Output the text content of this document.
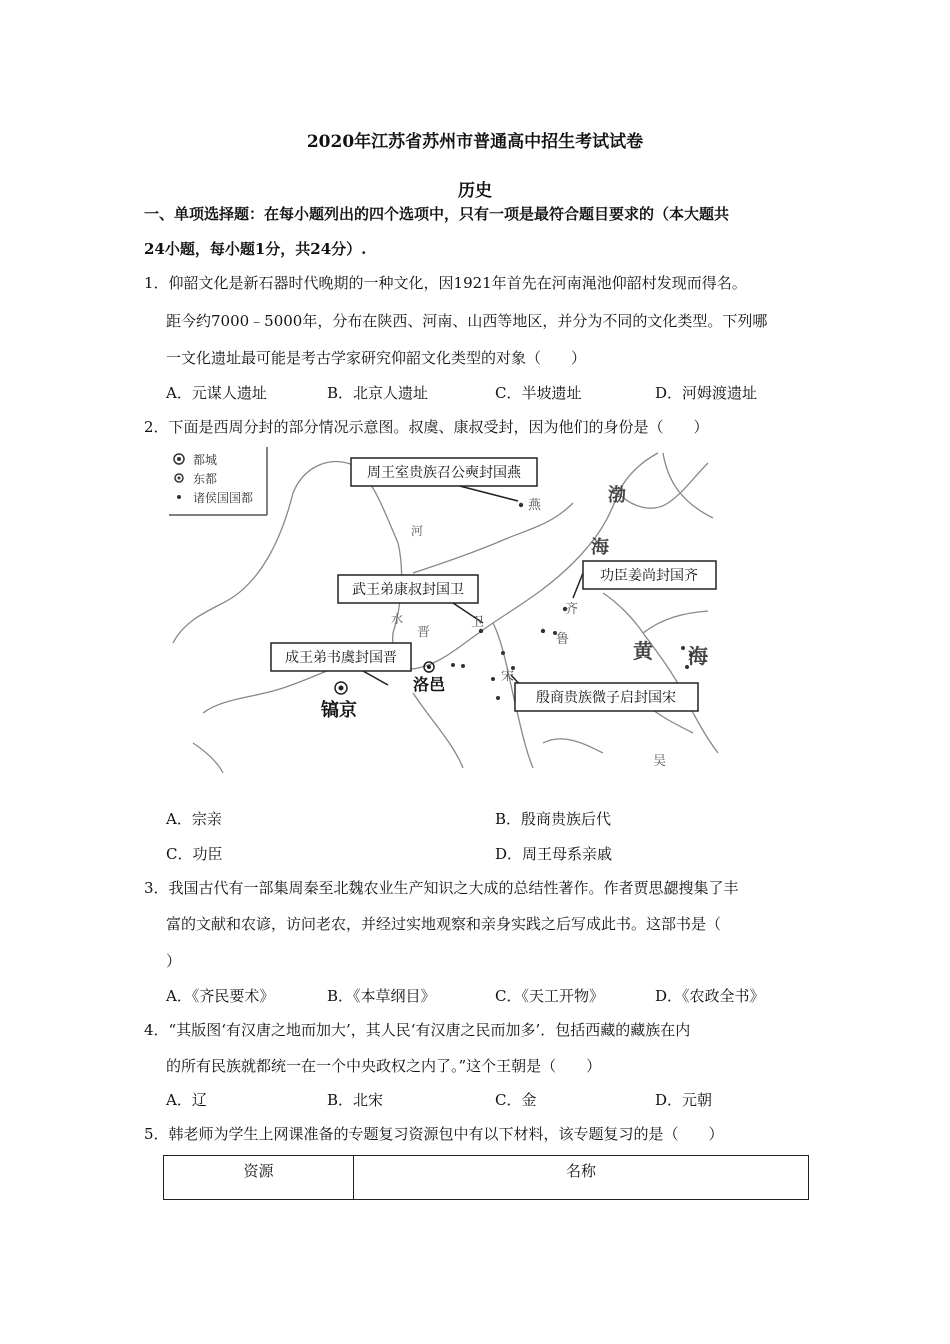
2020年江苏省苏州市普通高中招生考试试卷
历史
一、单项选择题：在每小题列出的四个选项中，只有一项是最符合题目要求的（本大题共
24小题，每小题1分，共24分）.
1．仰韶文化是新石器时代晚期的一种文化，因1921年首先在河南渑池仰韶村发现而得名。
距今约7000﹣5000年，分布在陕西、河南、山西等地区，并分为不同的文化类型。下列哪
一文化遗址最可能是考古学家研究仰韶文化类型的对象（　　）
A．元谋人遗址	B．北京人遗址	C．半坡遗址	D．河姆渡遗址
2．下面是西周分封的部分情况示意图。叔虞、康叔受封，因为他们的身份是（　　）
都城
东都
诸侯国国都
周王室贵族召公奭封国燕
武王弟康叔封国卫
功臣姜尚封国齐
成王弟书虞封国晋
殷商贵族微子启封国宋
镐京
洛邑
渤
海
黄 海
燕
卫
齐
鲁
晋
宋
吴
河
水
A．宗亲	B．殷商贵族后代
C．功臣	D．周王母系亲戚
3．我国古代有一部集周秦至北魏农业生产知识之大成的总结性著作。作者贾思勰搜集了丰
富的文献和农谚，访问老农，并经过实地观察和亲身实践之后写成此书。这部书是（
）
A．《齐民要术》	B．《本草纲目》	C．《天工开物》	D．《农政全书》
4．“其版图‘有汉唐之地而加大’，其人民‘有汉唐之民而加多’．包括西藏的藏族在内
的所有民族就都统一在一个中央政权之内了。”这个王朝是（　　）
A．辽	B．北宋	C．金	D．元朝
5．韩老师为学生上网课准备的专题复习资源包中有以下材料，该专题复习的是（　　）
资源	名称
